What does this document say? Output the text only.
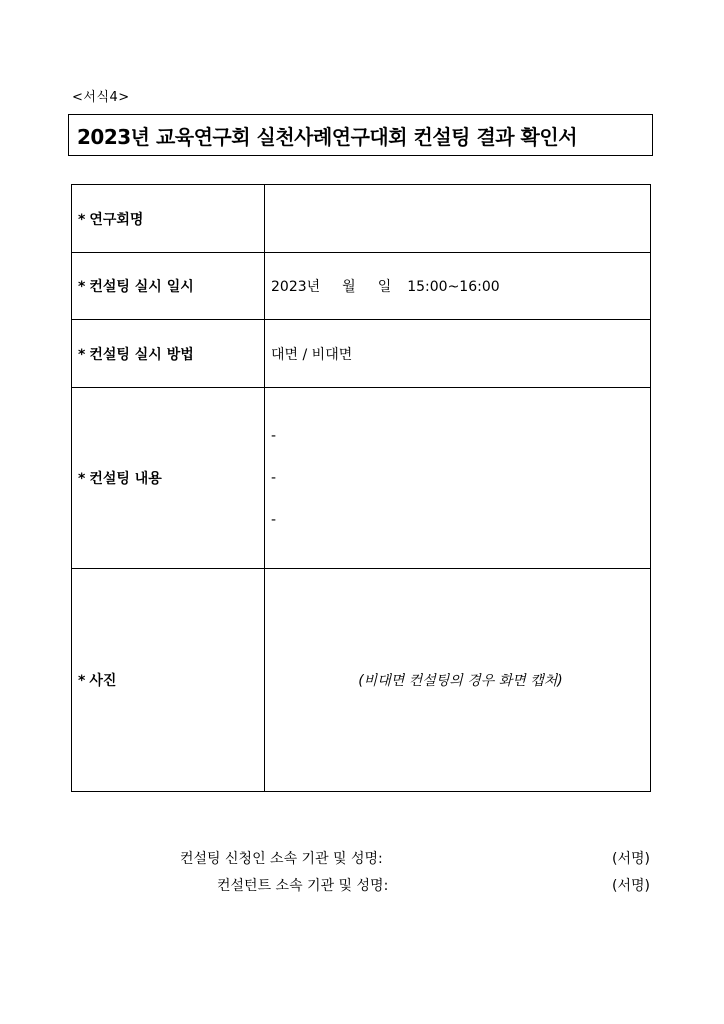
<서식4>
2023년 교육연구회 실천사례연구대회 컨설팅 결과 확인서
* 연구회명	
* 컨설팅 실시 일시	2023년 월 일 15:00~16:00
* 컨설팅 실시 방법	대면 / 비대면
* 컨설팅 내용	-
-
-

* 사진	(비대면 컨설팅의 경우 화면 캡처)
컨설팅 신청인 소속 기관 및 성명:	(서명)
컨설턴트 소속 기관 및 성명:	(서명)
